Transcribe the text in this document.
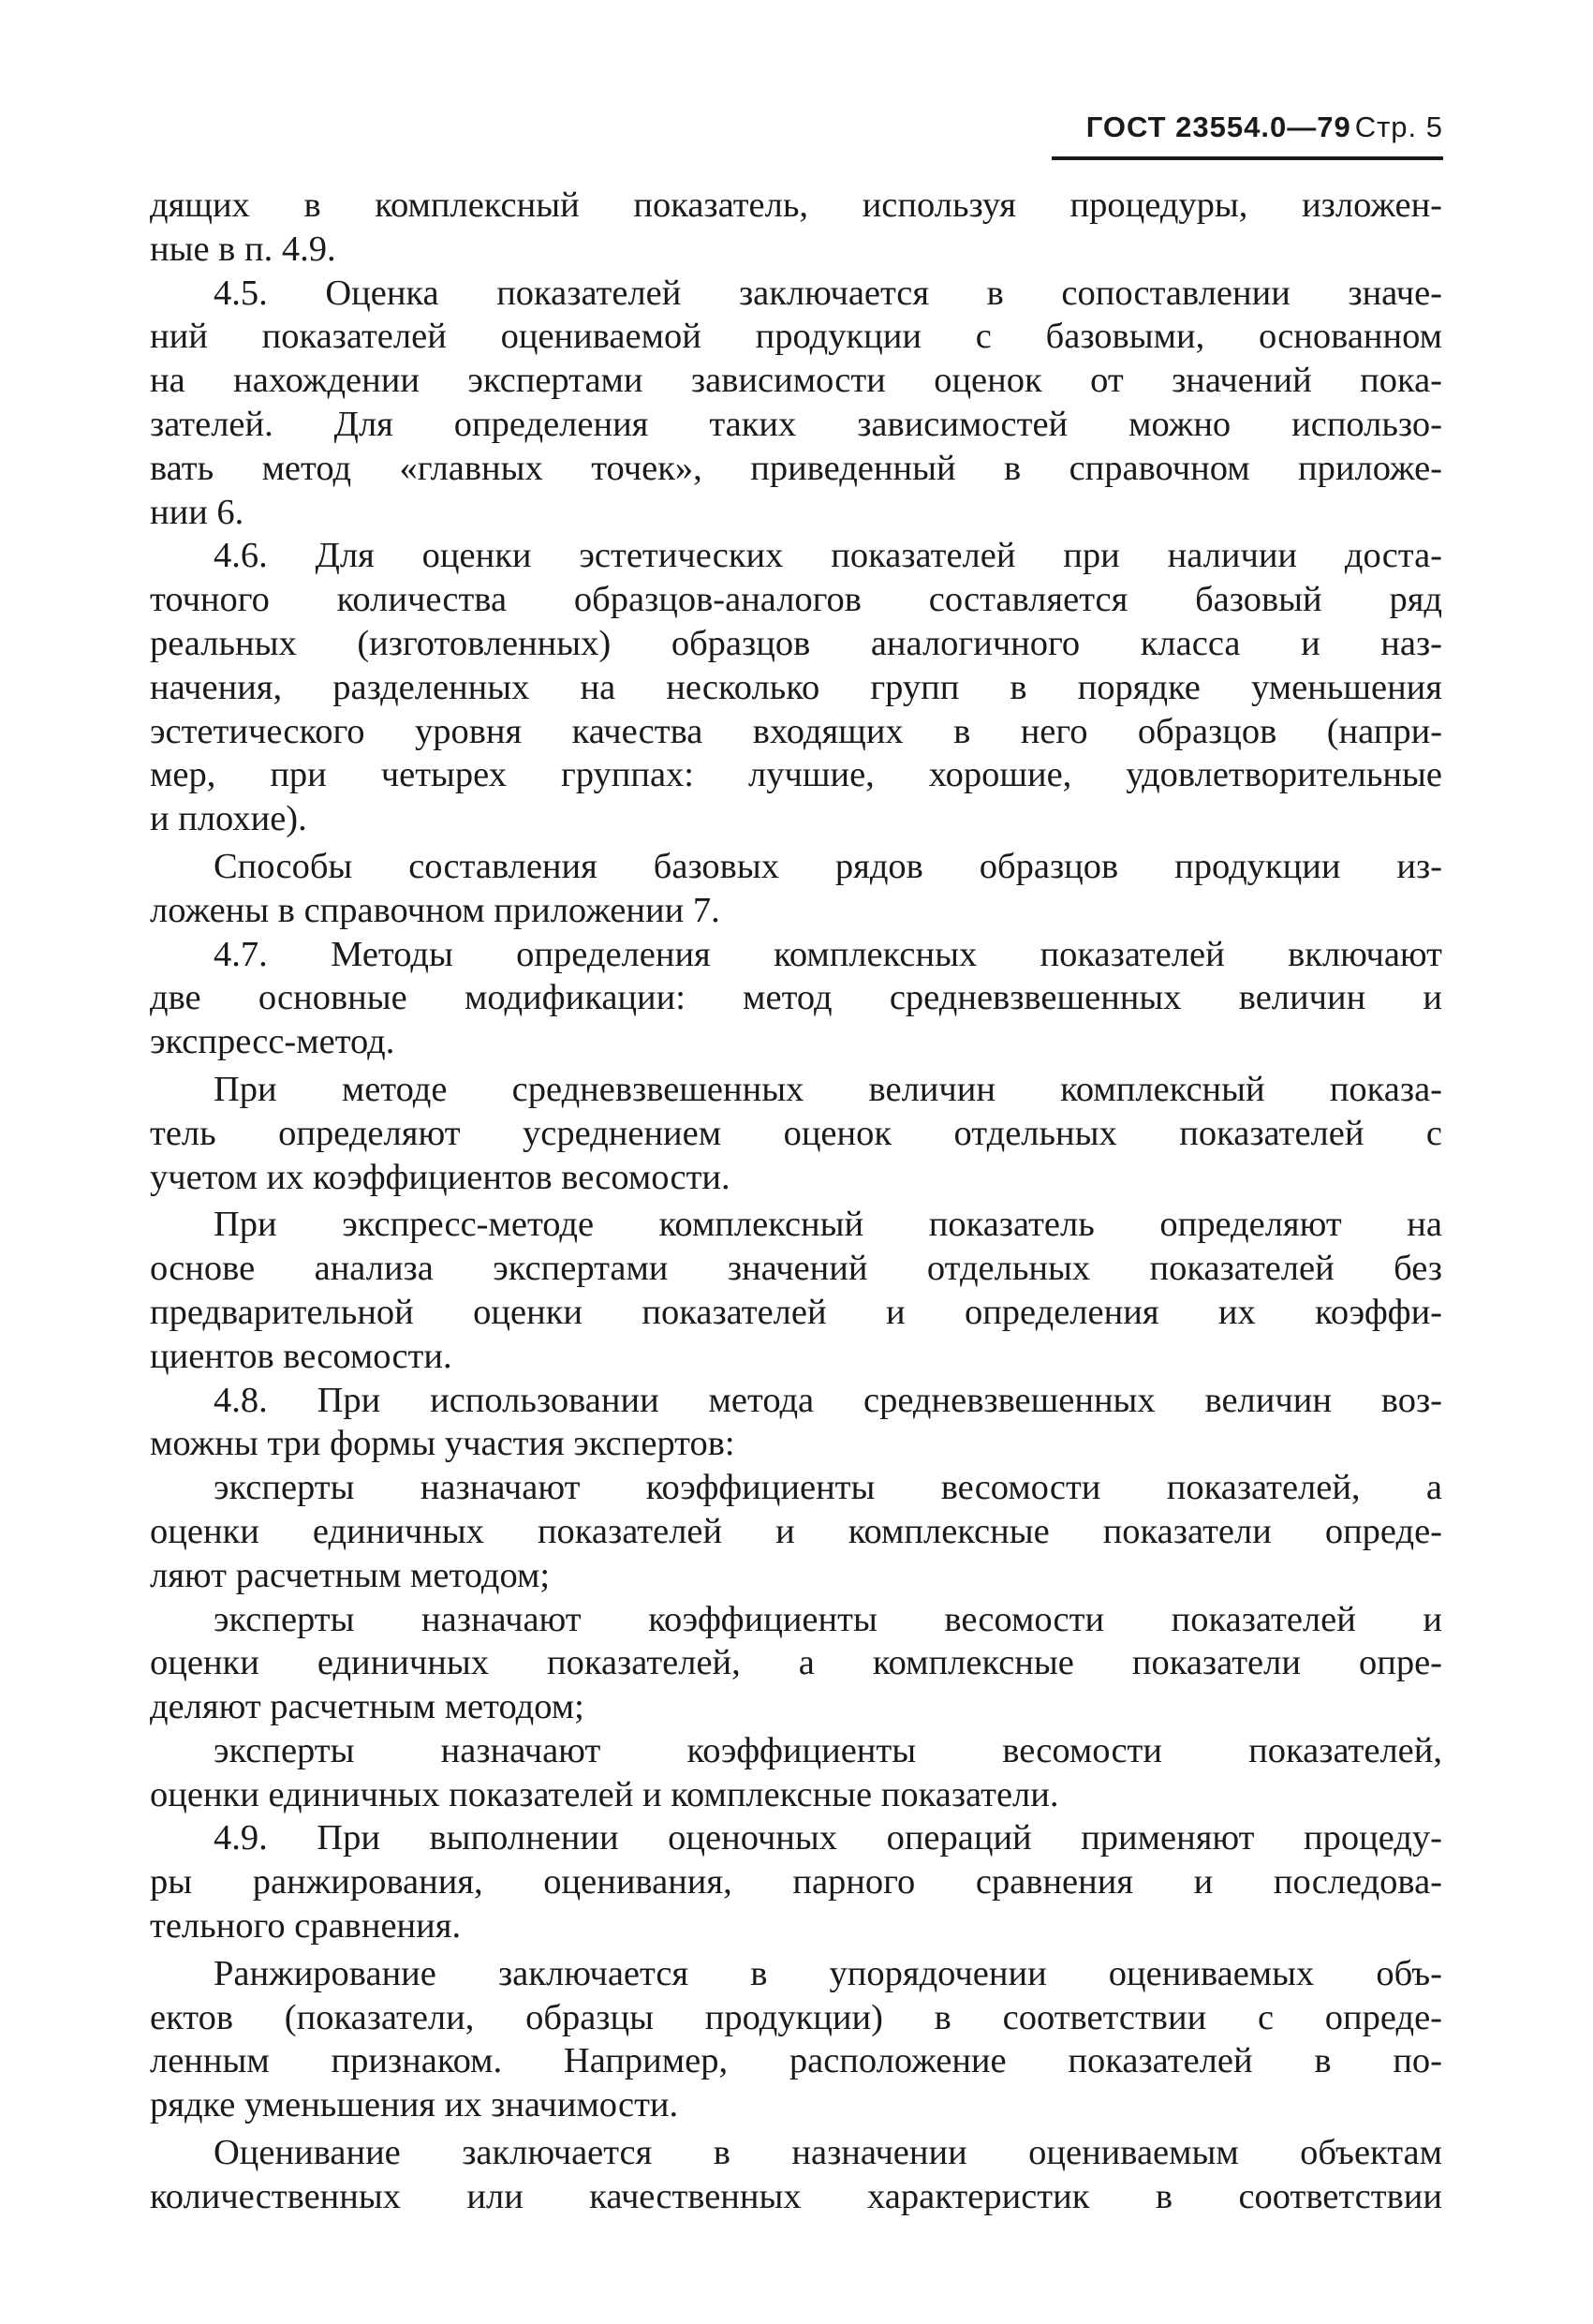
ГОСТ 23554.0—79 Стр. 5
дящих в комплексный показатель, используя процедуры, изложен-
ные в п. 4.9.
4.5. Оценка показателей заключается в сопоставлении значе-
ний показателей оцениваемой продукции с базовыми, основанном
на нахождении экспертами зависимости оценок от значений пока-
зателей. Для определения таких зависимостей можно использо-
вать метод «главных точек», приведенный в справочном приложе-
нии 6.
4.6. Для оценки эстетических показателей при наличии доста-
точного количества образцов-аналогов составляется базовый ряд
реальных (изготовленных) образцов аналогичного класса и наз-
начения, разделенных на несколько групп в порядке уменьшения
эстетического уровня качества входящих в него образцов (напри-
мер, при четырех группах: лучшие, хорошие, удовлетворительные
и плохие).
Способы составления базовых рядов образцов продукции из-
ложены в справочном приложении 7.
4.7. Методы определения комплексных показателей включают
две основные модификации: метод средневзвешенных величин и
экспресс-метод.
При методе средневзвешенных величин комплексный показа-
тель определяют усреднением оценок отдельных показателей с
учетом их коэффициентов весомости.
При экспресс-методе комплексный показатель определяют на
основе анализа экспертами значений отдельных показателей без
предварительной оценки показателей и определения их коэффи-
циентов весомости.
4.8. При использовании метода средневзвешенных величин воз-
можны три формы участия экспертов:
эксперты назначают коэффициенты весомости показателей, а
оценки единичных показателей и комплексные показатели опреде-
ляют расчетным методом;
эксперты назначают коэффициенты весомости показателей и
оценки единичных показателей, а комплексные показатели опре-
деляют расчетным методом;
эксперты назначают коэффициенты весомости показателей,
оценки единичных показателей и комплексные показатели.
4.9. При выполнении оценочных операций применяют процеду-
ры ранжирования, оценивания, парного сравнения и последова-
тельного сравнения.
Ранжирование заключается в упорядочении оцениваемых объ-
ектов (показатели, образцы продукции) в соответствии с опреде-
ленным признаком. Например, расположение показателей в по-
рядке уменьшения их значимости.
Оценивание заключается в назначении оцениваемым объектам
количественных или качественных характеристик в соответствии
